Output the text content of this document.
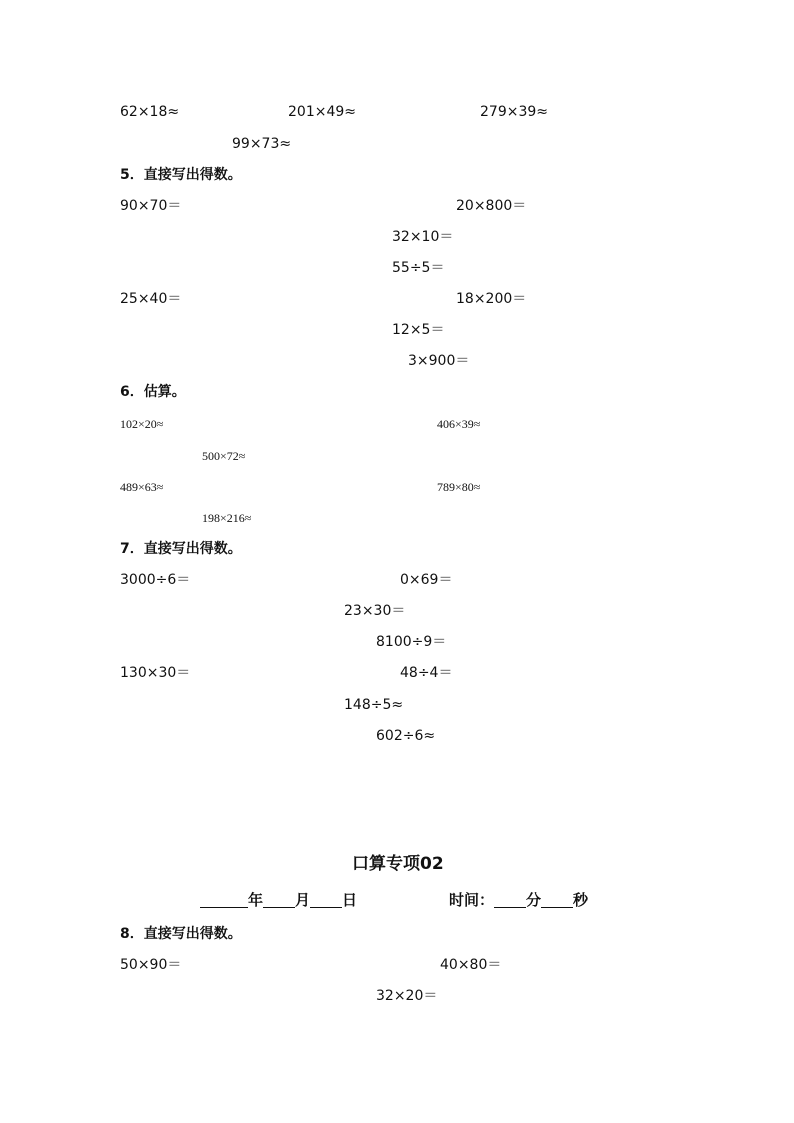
62×18≈	201×49≈	279×39≈
99×73≈
5．直接写出得数。
90×70＝	20×800＝
32×10＝
55÷5＝
25×40＝	18×200＝
12×5＝
3×900＝
6．估算。
102×20≈	406×39≈
500×72≈
489×63≈	789×80≈
198×216≈
7．直接写出得数。
3000÷6＝	0×69＝
23×30＝
8100÷9＝
130×30＝	48÷4＝
148÷5≈
602÷6≈
口算专项02
年 月 日	时间： 分 秒
8．直接写出得数。
50×90＝	40×80＝
32×20＝
